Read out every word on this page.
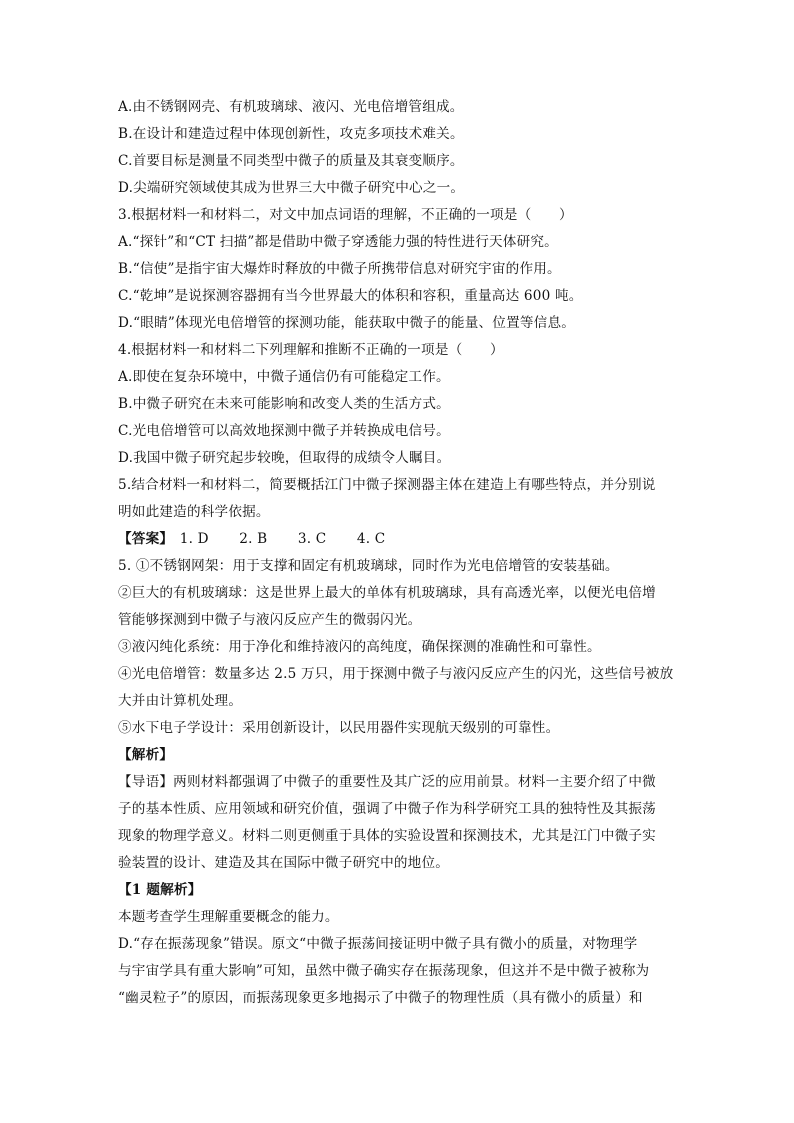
A.由不锈钢网壳、有机玻璃球、液闪、光电倍增管组成。
B.在设计和建造过程中体现创新性，攻克多项技术难关。
C.首要目标是测量不同类型中微子的质量及其衰变顺序。
D.尖端研究领域使其成为世界三大中微子研究中心之一。
3.根据材料一和材料二，对文中加点词语的理解，不正确的一项是（　　）
A.“探针”和“CT 扫描”都是借助中微子穿透能力强的特性进行天体研究。
B.“信使”是指宇宙大爆炸时释放的中微子所携带信息对研究宇宙的作用。
C.“乾坤”是说探测容器拥有当今世界最大的体积和容积，重量高达 600 吨。
D.“眼睛”体现光电倍增管的探测功能，能获取中微子的能量、位置等信息。
4.根据材料一和材料二下列理解和推断不正确的一项是（　　）
A.即使在复杂环境中，中微子通信仍有可能稳定工作。
B.中微子研究在未来可能影响和改变人类的生活方式。
C.光电倍增管可以高效地探测中微子并转换成电信号。
D.我国中微子研究起步较晚，但取得的成绩令人瞩目。
5.结合材料一和材料二，简要概括江门中微子探测器主体在建造上有哪些特点，并分别说
明如此建造的科学依据。
【答案】 1. D 2. B 3. C 4. C
5. ①不锈钢网架：用于支撑和固定有机玻璃球，同时作为光电倍增管的安装基础。
②巨大的有机玻璃球：这是世界上最大的单体有机玻璃球，具有高透光率，以便光电倍增
管能够探测到中微子与液闪反应产生的微弱闪光。
③液闪纯化系统：用于净化和维持液闪的高纯度，确保探测的准确性和可靠性。
④光电倍增管：数量多达 2.5 万只，用于探测中微子与液闪反应产生的闪光，这些信号被放
大并由计算机处理。
⑤水下电子学设计：采用创新设计，以民用器件实现航天级别的可靠性。
【解析】
【导语】两则材料都强调了中微子的重要性及其广泛的应用前景。材料一主要介绍了中微
子的基本性质、应用领域和研究价值，强调了中微子作为科学研究工具的独特性及其振荡
现象的物理学意义。材料二则更侧重于具体的实验设置和探测技术，尤其是江门中微子实
验装置的设计、建造及其在国际中微子研究中的地位。
【1 题解析】
本题考查学生理解重要概念的能力。
D.“存在振荡现象”错误。原文“中微子振荡间接证明中微子具有微小的质量，对物理学
与宇宙学具有重大影响”可知，虽然中微子确实存在振荡现象，但这并不是中微子被称为
“幽灵粒子”的原因，而振荡现象更多地揭示了中微子的物理性质（具有微小的质量）和
